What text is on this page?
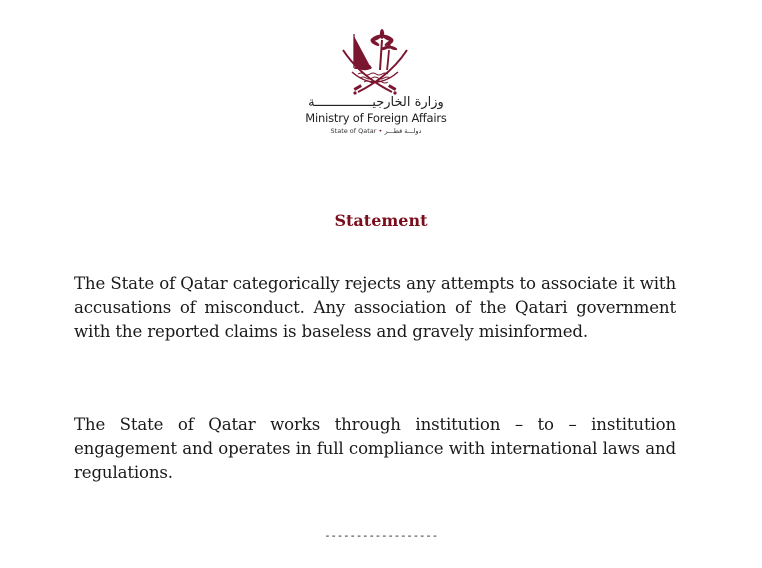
وزارة الخارجيـــــــــــــــة
Ministry of Foreign Affairs
State of Qatar • دولـــة قطـــر
Statement

The State of Qatar categorically rejects any attempts to associate it with accusations of misconduct. Any association of the Qatari government with the reported claims is baseless and gravely misinformed.

The State of Qatar works through institution – to – institution engagement and operates in full compliance with international laws and regulations.

------------------
